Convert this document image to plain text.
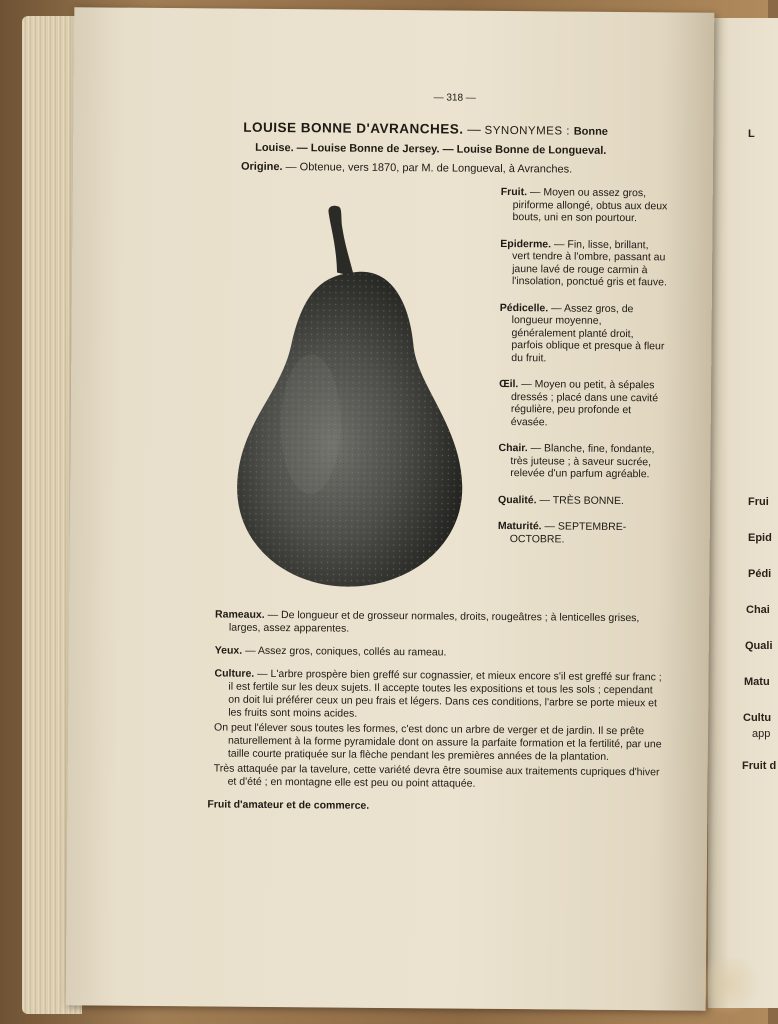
L
Frui
Epid
Pédi
Chai
Quali
Matu
Cultu
app
Fruit d
— 318 —
LOUISE BONNE D'AVRANCHES. — SYNONYMES : Bonne
Louise. — Louise Bonne de Jersey. — Louise Bonne de Longueval.
Origine. — Obtenue, vers 1870, par M. de Longueval, à Avranches.
Fruit. — Moyen ou assez gros, piriforme allongé, obtus aux deux bouts, uni en son pourtour.
Epiderme. — Fin, lisse, brillant, vert tendre à l'ombre, passant au jaune lavé de rouge carmin à l'insolation, ponctué gris et fauve.
Pédicelle. — Assez gros, de longueur moyenne, généralement planté droit, parfois oblique et presque à fleur du fruit.
Œil. — Moyen ou petit, à sépales dressés ; placé dans une cavité régulière, peu profonde et évasée.
Chair. — Blanche, fine, fondante, très juteuse ; à saveur sucrée, relevée d'un parfum agréable.
Qualité. — TRÈS BONNE.
Maturité. — SEPTEMBRE-OCTOBRE.
Rameaux. — De longueur et de grosseur normales, droits, rougeâtres ; à lenticelles grises, larges, assez apparentes.
Yeux. — Assez gros, coniques, collés au rameau.
Culture. — L'arbre prospère bien greffé sur cognassier, et mieux encore s'il est greffé sur franc ; il est fertile sur les deux sujets. Il accepte toutes les expositions et tous les sols ; cependant on doit lui préférer ceux un peu frais et légers. Dans ces conditions, l'arbre se porte mieux et les fruits sont moins acides.
On peut l'élever sous toutes les formes, c'est donc un arbre de verger et de jardin. Il se prête naturellement à la forme pyramidale dont on assure la parfaite formation et la fertilité, par une taille courte pratiquée sur la flèche pendant les premières années de la plantation.
Très attaquée par la tavelure, cette variété devra être soumise aux traitements cupriques d'hiver et d'été ; en montagne elle est peu ou point attaquée.
Fruit d'amateur et de commerce.
